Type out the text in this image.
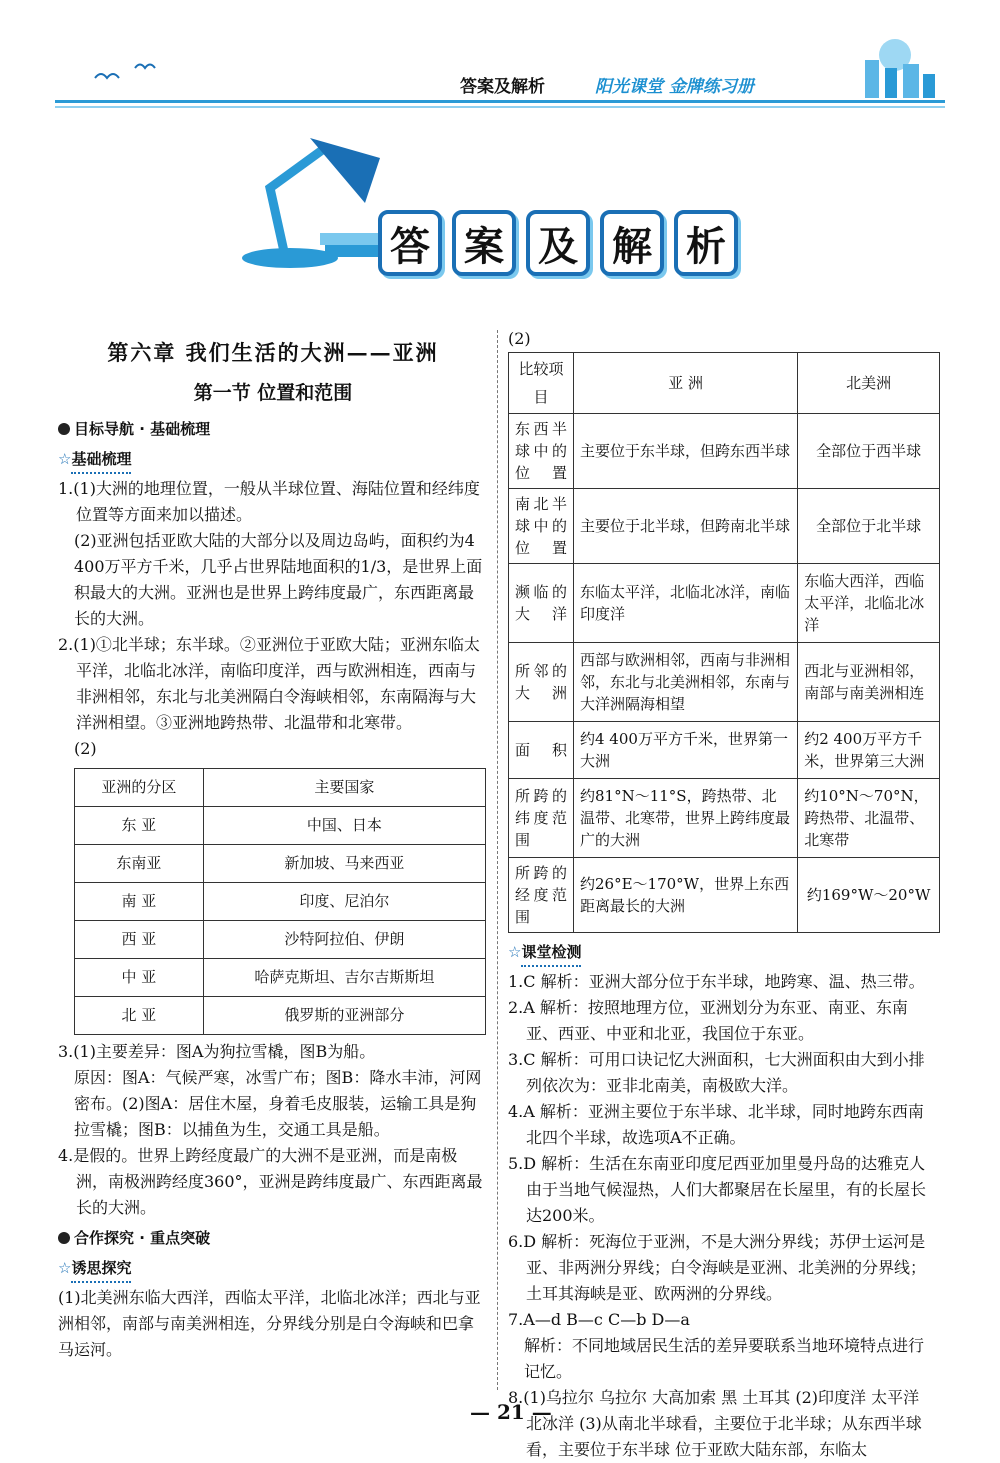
答案及解析	阳光课堂 金牌练习册
答 案 及 解 析
第六章 我们生活的大洲——亚洲
第一节 位置和范围
目标导航 · 基础梳理
☆基础梳理

1.(1)大洲的地理位置，一般从半球位置、海陆位置和经纬度位置等方面来加以描述。

(2)亚洲包括亚欧大陆的大部分以及周边岛屿，面积约为4 400万平方千米，几乎占世界陆地面积的1/3，是世界上面积最大的大洲。亚洲也是世界上跨纬度最广，东西距离最长的大洲。

2.(1)①北半球；东半球。②亚洲位于亚欧大陆；亚洲东临太平洋，北临北冰洋，南临印度洋，西与欧洲相连，西南与非洲相邻，东北与北美洲隔白令海峡相邻，东南隔海与大洋洲相望。③亚洲地跨热带、北温带和北寒带。

(2)

亚洲的分区	主要国家
东 亚	中国、日本
东南亚	新加坡、马来西亚
南 亚	印度、尼泊尔
西 亚	沙特阿拉伯、伊朗
中 亚	哈萨克斯坦、吉尔吉斯斯坦
北 亚	俄罗斯的亚洲部分

3.(1)主要差异：图A为狗拉雪橇，图B为船。

原因：图A：气候严寒，冰雪广布；图B：降水丰沛，河网密布。(2)图A：居住木屋，身着毛皮服装，运输工具是狗拉雪橇；图B：以捕鱼为生，交通工具是船。

4.是假的。世界上跨经度最广的大洲不是亚洲，而是南极洲，南极洲跨经度360°，亚洲是跨纬度最广、东西距离最长的大洲。

合作探究 · 重点突破
☆诱思探究

(1)北美洲东临大西洋，西临太平洋，北临北冰洋；西北与亚洲相邻，南部与南美洲相连，分界线分别是白令海峡和巴拿马运河。

(2)

比较项目	亚 洲	北美洲
东西半球中的位置	主要位于东半球，但跨东西半球	全部位于西半球
南北半球中的位置	主要位于北半球，但跨南北半球	全部位于北半球
濒临的大洋	东临太平洋，北临北冰洋，南临印度洋	东临大西洋，西临太平洋，北临北冰洋
所邻的大洲	西部与欧洲相邻，西南与非洲相邻，东北与北美洲相邻，东南与大洋洲隔海相望	西北与亚洲相邻，南部与南美洲相连
面积	约4 400万平方千米，世界第一大洲	约2 400万平方千米，世界第三大洲
所跨的纬度范围	约81°N～11°S，跨热带、北温带、北寒带，世界上跨纬度最广的大洲	约10°N～70°N，跨热带、北温带、北寒带
所跨的经度范围	约26°E～170°W，世界上东西距离最长的大洲	约169°W～20°W
☆课堂检测

1.C 解析：亚洲大部分位于东半球，地跨寒、温、热三带。

2.A 解析：按照地理方位，亚洲划分为东亚、南亚、东南亚、西亚、中亚和北亚，我国位于东亚。

3.C 解析：可用口诀记忆大洲面积，七大洲面积由大到小排列依次为：亚非北南美，南极欧大洋。

4.A 解析：亚洲主要位于东半球、北半球，同时地跨东西南北四个半球，故选项A不正确。

5.D 解析：生活在东南亚印度尼西亚加里曼丹岛的达雅克人由于当地气候湿热，人们大都聚居在长屋里，有的长屋长达200米。

6.D 解析：死海位于亚洲，不是大洲分界线；苏伊士运河是亚、非两洲分界线；白令海峡是亚洲、北美洲的分界线；土耳其海峡是亚、欧两洲的分界线。

7.A—d B—c C—b D—a

解析：不同地域居民生活的差异要联系当地环境特点进行记忆。

8.(1)乌拉尔 乌拉尔 大高加索 黑 土耳其 (2)印度洋 太平洋 北冰洋 (3)从南北半球看，主要位于北半球；从东西半球看，主要位于东半球 位于亚欧大陆东部，东临太

— 21 —
